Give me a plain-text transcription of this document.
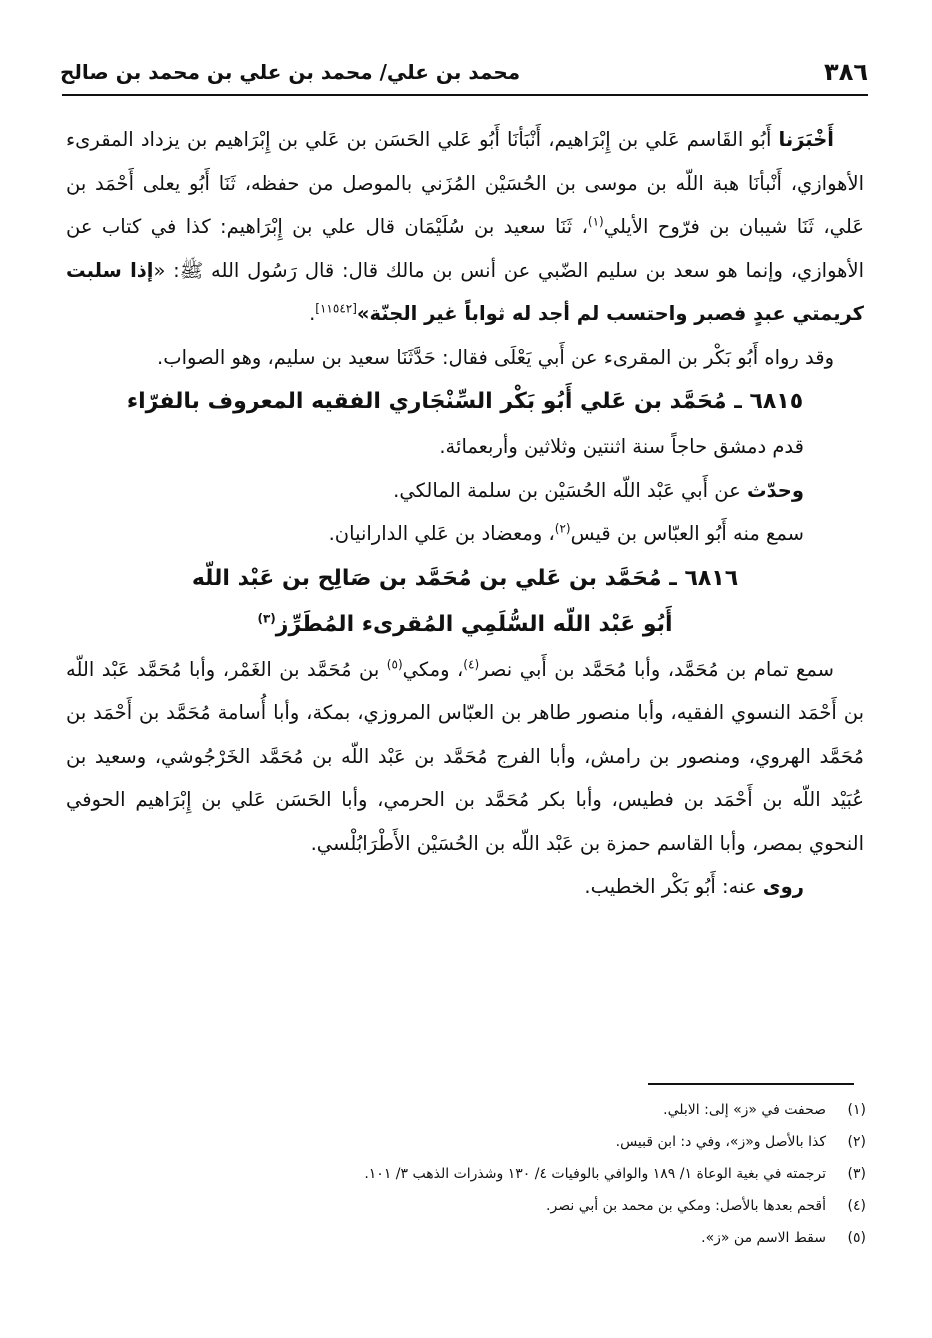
٣٨٦
محمد بن علي/ محمد بن علي بن محمد بن صالح

أَخْبَرَنا أَبُو القَاسم عَلي بن إِبْرَاهيم، أَنْبَأنَا أَبُو عَلي الحَسَن بن عَلي بن إِبْرَاهيم بن يزداد المقرىء الأهوازي، أَنْبأنَا هبة اللّه بن موسى بن الحُسَيْن المُزَني بالموصل من حفظه، ثَنَا أَبُو يعلى أَحْمَد بن عَلي، ثَنَا شيبان بن فرّوح الأيلي$^{(١)}$، ثَنَا سعيد بن سُلَيْمَان قال علي بن إِبْرَاهيم: كذا في كتاب عن الأهوازي، وإنما هو سعد بن سليم الضّبي عن أنس بن مالك قال: قال رَسُول الله ﷺ: «إذا سلبت كريمتي عبدٍ فصبر واحتسب لم أجد له ثواباً غير الجنّة»[١١٥٤٢].

وقد رواه أَبُو بَكْر بن المقرىء عن أَبي يَعْلَى فقال: حَدَّثَنَا سعيد بن سليم، وهو الصواب.

٦٨١٥ ـ مُحَمَّد بن عَلي أَبُو بَكْر السِّنْجَاري الفقيه المعروف بالفرّاء

قدم دمشق حاجاً سنة اثنتين وثلاثين وأربعمائة.

وحدّث عن أَبي عَبْد اللّه الحُسَيْن بن سلمة المالكي.

سمع منه أَبُو العبّاس بن قيس$^{(٢)}$، ومعضاد بن عَلي الدارانيان.

٦٨١٦ ـ مُحَمَّد بن عَلي بن مُحَمَّد بن صَالِح بن عَبْد اللّه

أَبُو عَبْد اللّه السُّلَمِي المُقرىء المُطَرِّز$^{(٣)}$

سمع تمام بن مُحَمَّد، وأبا مُحَمَّد بن أَبي نصر$^{(٤)}$، ومكي$^{(٥)}$ بن مُحَمَّد بن الغَمْر، وأبا مُحَمَّد عَبْد اللّه بن أَحْمَد النسوي الفقيه، وأبا منصور طاهر بن العبّاس المروزي، بمكة، وأبا أُسامة مُحَمَّد بن أَحْمَد بن مُحَمَّد الهروي، ومنصور بن رامش، وأبا الفرج مُحَمَّد بن عَبْد اللّه بن مُحَمَّد الخَرْجُوشي، وسعيد بن عُبَيْد اللّه بن أَحْمَد بن فطيس، وأبا بكر مُحَمَّد بن الحرمي، وأبا الحَسَن عَلي بن إِبْرَاهيم الحوفي النحوي بمصر، وأبا القاسم حمزة بن عَبْد اللّه بن الحُسَيْن الأَطْرَابُلْسي.

روى عنه: أَبُو بَكْر الخطيب.

(١)صحفت في «ز» إلى: الابلي.

(٢)كذا بالأصل و«ز»، وفي د: ابن قبيس.

(٣)ترجمته في بغية الوعاة ١/ ١٨٩ والوافي بالوفيات ٤/ ١٣٠ وشذرات الذهب ٣/ ١٠١.

(٤)أقحم بعدها بالأصل: ومكي بن محمد بن أبي نصر.

(٥)سقط الاسم من «ز».
